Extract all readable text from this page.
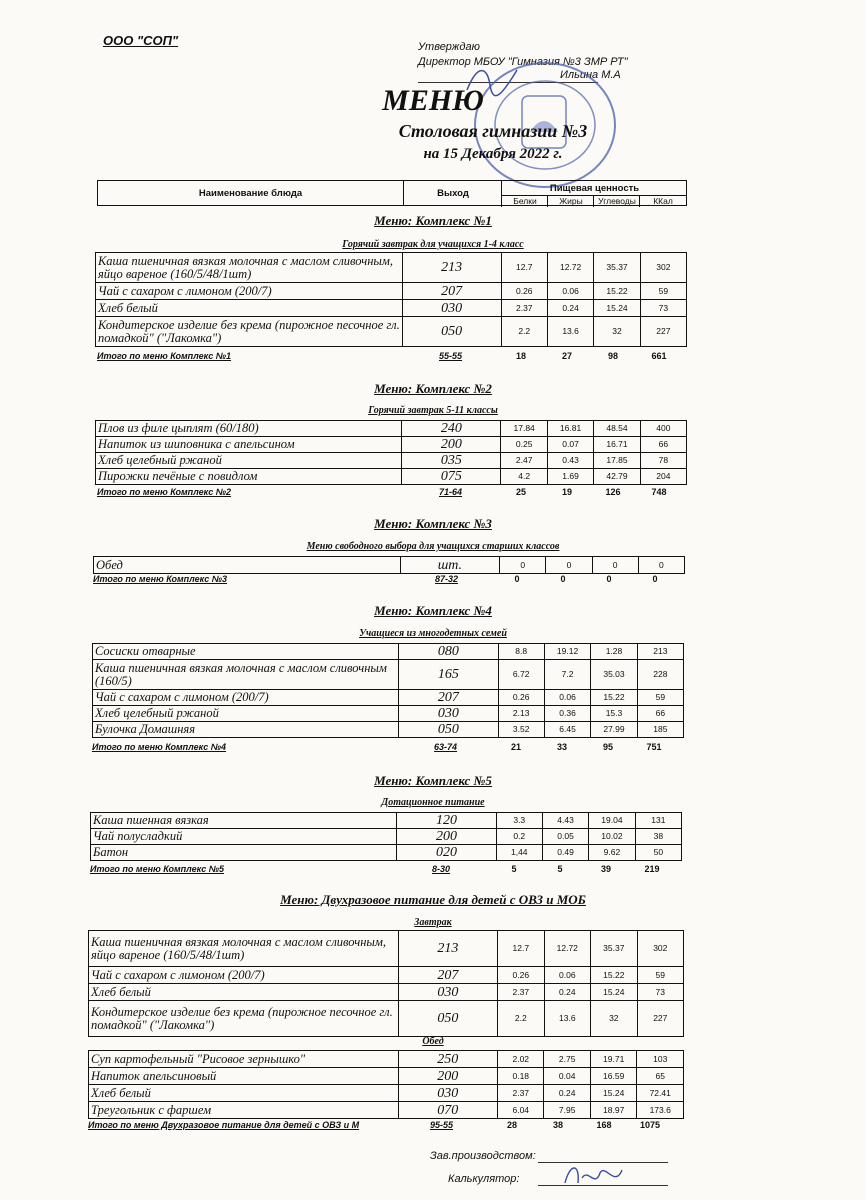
ООО "СОП"	Утверждаю
Директор МБОУ "Гимназия №3 ЗМР РТ"
Ильина М.А
МЕНЮ
Столовая гимназии №3
на 15 Декабря 2022 г.
Наименование блюда	Выход	Пищевая ценность
Белки	Жиры	Углеводы	ККал
Меню: Комплекс №1
Горячий завтрак для учащихся 1-4 класс
Каша пшеничная вязкая молочная с маслом сливочным, яйцо вареное (160/5/48/1шт)	213	12.7	12.72	35.37	302
Чай с сахаром с лимоном (200/7)	207	0.26	0.06	15.22	59
Хлеб белый	030	2.37	0.24	15.24	73
Кондитерское изделие без крема (пирожное песочное гл. помадкой" ("Лакомка")	050	2.2	13.6	32	227
Итого по меню Комплекс №1	55-55	18	27	98	661
Меню: Комплекс №2
Горячий завтрак 5-11 классы
Плов из филе цыплят (60/180)	240	17.84	16.81	48.54	400
Напиток из шиповника с апельсином	200	0.25	0.07	16.71	66
Хлеб целебный ржаной	035	2.47	0.43	17.85	78
Пирожки печёные с повидлом	075	4.2	1.69	42.79	204
Итого по меню Комплекс №2	71-64	25	19	126	748
Меню: Комплекс №3
Меню свободного выбора для учащихся старших классов
Обед	шт.	0	0	0	0
Итого по меню Комплекс №3	87-32	0	0	0	0
Меню: Комплекс №4
Учащиеся из многодетных семей
Сосиски отварные	080	8.8	19.12	1.28	213
Каша пшеничная вязкая молочная с маслом сливочным (160/5)	165	6.72	7.2	35.03	228
Чай с сахаром с лимоном (200/7)	207	0.26	0.06	15.22	59
Хлеб целебный ржаной	030	2.13	0.36	15.3	66
Булочка Домашняя	050	3.52	6.45	27.99	185
Итого по меню Комплекс №4	63-74	21	33	95	751
Меню: Комплекс №5
Дотационное питание
Каша пшенная вязкая	120	3.3	4.43	19.04	131
Чай полусладкий	200	0.2	0.05	10.02	38
Батон	020	1,44	0.49	9.62	50
Итого по меню Комплекс №5	8-30	5	5	39	219
Меню: Двухразовое питание для детей с ОВЗ и МОБ
Завтрак
Каша пшеничная вязкая молочная с маслом сливочным, яйцо вареное (160/5/48/1шт)	213	12.7	12.72	35.37	302
Чай с сахаром с лимоном (200/7)	207	0.26	0.06	15.22	59
Хлеб белый	030	2.37	0.24	15.24	73
Кондитерское изделие без крема (пирожное песочное гл. помадкой" ("Лакомка")	050	2.2	13.6	32	227
Обед
Суп картофельный "Рисовое зернышко"	250	2.02	2.75	19.71	103
Напиток апельсиновый	200	0.18	0.04	16.59	65
Хлеб белый	030	2.37	0.24	15.24	72.41
Треугольник с фаршем	070	6.04	7.95	18.97	173.6
Итого по меню Двухразовое питание для детей с ОВЗ и М	95-55	28	38	168	1075
Зав.производством:
Калькулятор:
